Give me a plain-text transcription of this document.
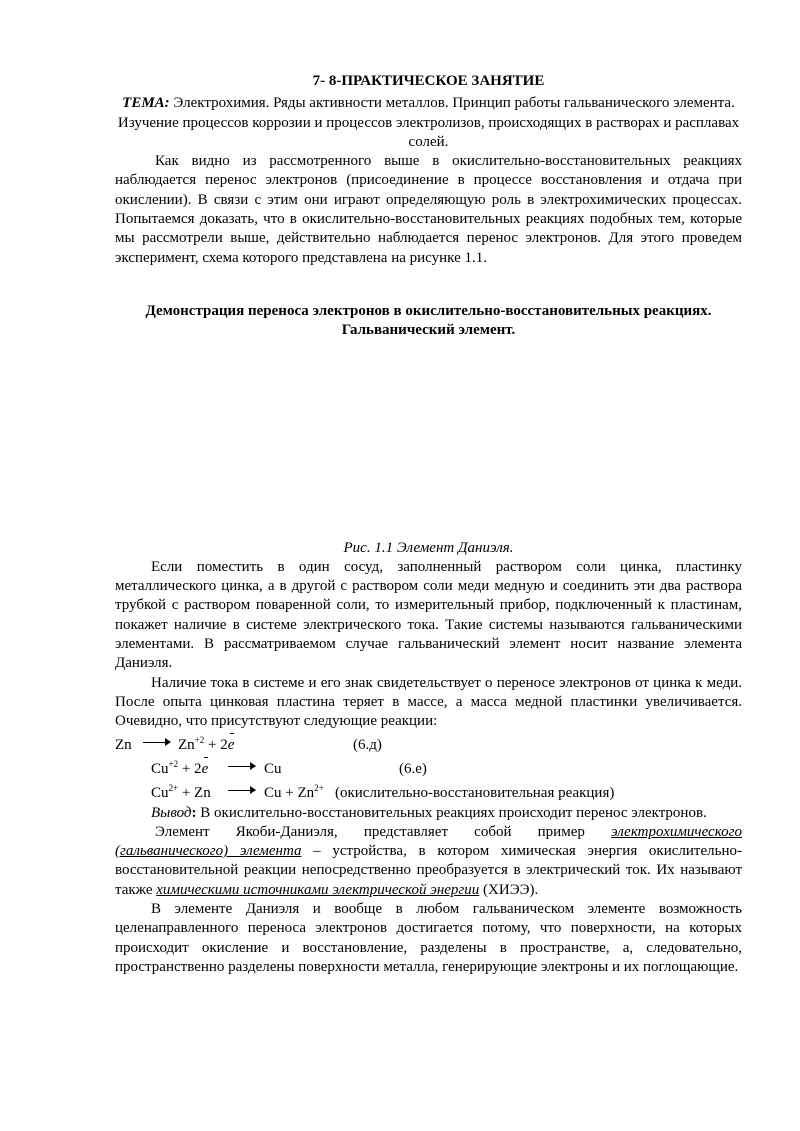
7- 8-ПРАКТИЧЕСКОЕ ЗАНЯТИЕ

ТЕМА: Электрохимия. Ряды активности металлов. Принцип работы гальванического элемента. Изучение процессов коррозии и процессов электролизов, происходящих в растворах и расплавах солей.

Как видно из рассмотренного выше в окислительно-восстановительных реакциях наблюдается перенос электронов (присоединение в процессе восстановления и отдача при окислении). В связи с этим они играют определяющую роль в электрохимических процессах. Попытаемся доказать, что в окислительно-восстановительных реакциях подобных тем, которые мы рассмотрели выше, действительно наблюдается перенос электронов. Для этого проведем эксперимент, схема которого представлена на рисунке 1.1.

Демонстрация переноса электронов в окислительно-восстановительных реакциях.

Гальванический элемент.

Рис. 1.1 Элемент Даниэля.

Если поместить в один сосуд, заполненный раствором соли цинка, пластинку металлического цинка, а в другой с раствором соли меди медную и соединить эти два раствора трубкой с раствором поваренной соли, то измерительный прибор, подключенный к пластинам, покажет наличие в системе электрического тока. Такие системы называются гальваническими элементами. В рассматриваемом случае гальванический элемент носит название элемента Даниэля.

Наличие тока в системе и его знак свидетельствует о переносе электронов от цинка к меди. После опыта цинковая пластина теряет в массе, а масса медной пластинки увеличивается. Очевидно, что присутствуют следующие реакции:

Zn	$Zn^{+2} + 2e$	(6.д)
$Cu^{+2} + 2e$	Cu	(6.е)
$Cu^{2+} + Zn$	$Cu + Zn^{2+}$ (окислительно-восстановительная реакция)

Вывод: В окислительно-восстановительных реакциях происходит перенос электронов.

Элемент Якоби-Даниэля, представляет собой пример электрохимического (гальванического) элемента – устройства, в котором химическая энергия окислительно-восстановительной реакции непосредственно преобразуется в электрический ток. Их называют также химическими источниками электрической энергии (ХИЭЭ).

В элементе Даниэля и вообще в любом гальваническом элементе возможность целенаправленного переноса электронов достигается потому, что поверхности, на которых происходит окисление и восстановление, разделены в пространстве, а, следовательно, пространственно разделены поверхности металла, генерирующие электроны и их поглощающие.
